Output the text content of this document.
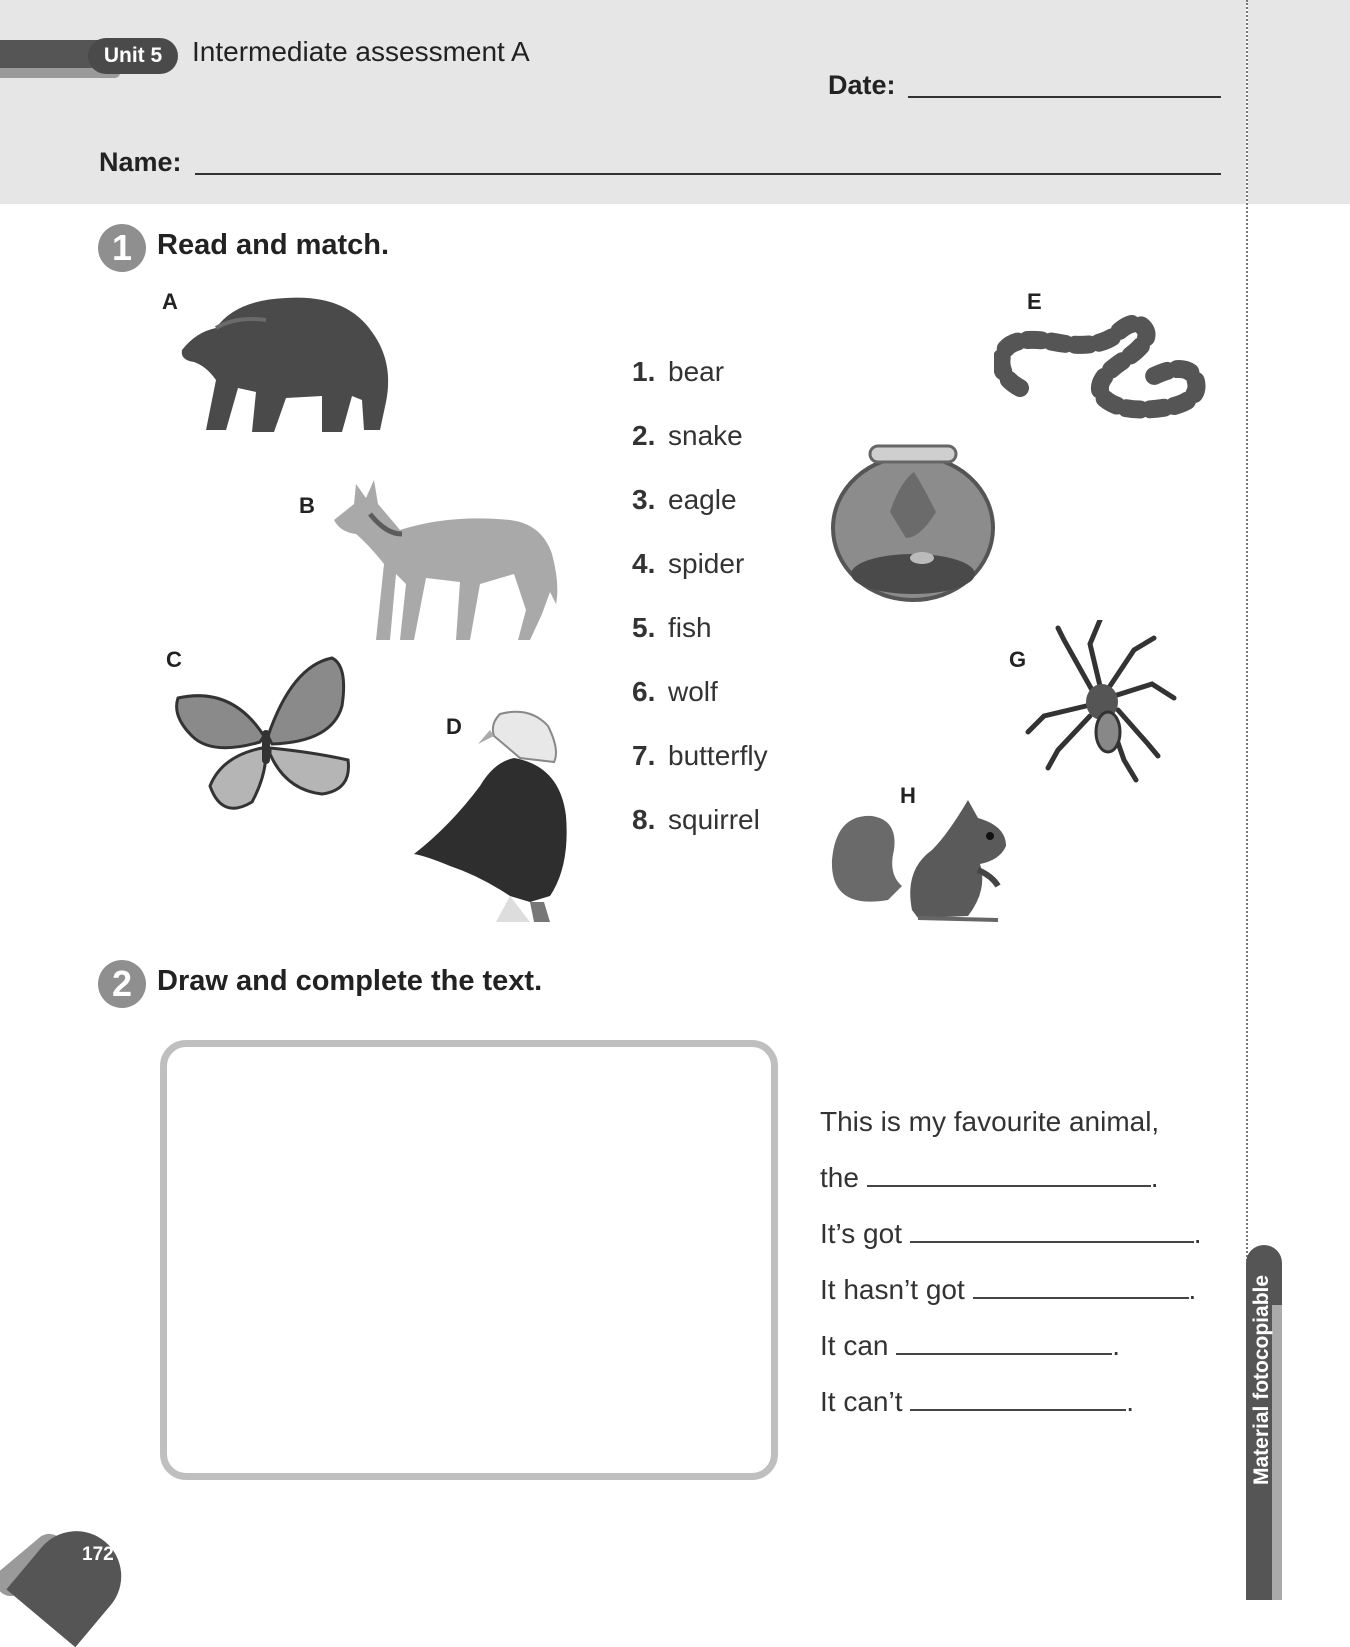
Unit 5	Intermediate assessment A
Date:
Name:
1 Read and match.
A
B
C
D
E
G
H
1. bear
2. snake
3. eagle
4. spider
5. fish
6. wolf
7. butterfly
8. squirrel
2 Draw and complete the text.
This is my favourite animal,
the	.
It’s got	.
It hasn’t got	.
It can	.
It can’t	.	Material fotocopiable
172
